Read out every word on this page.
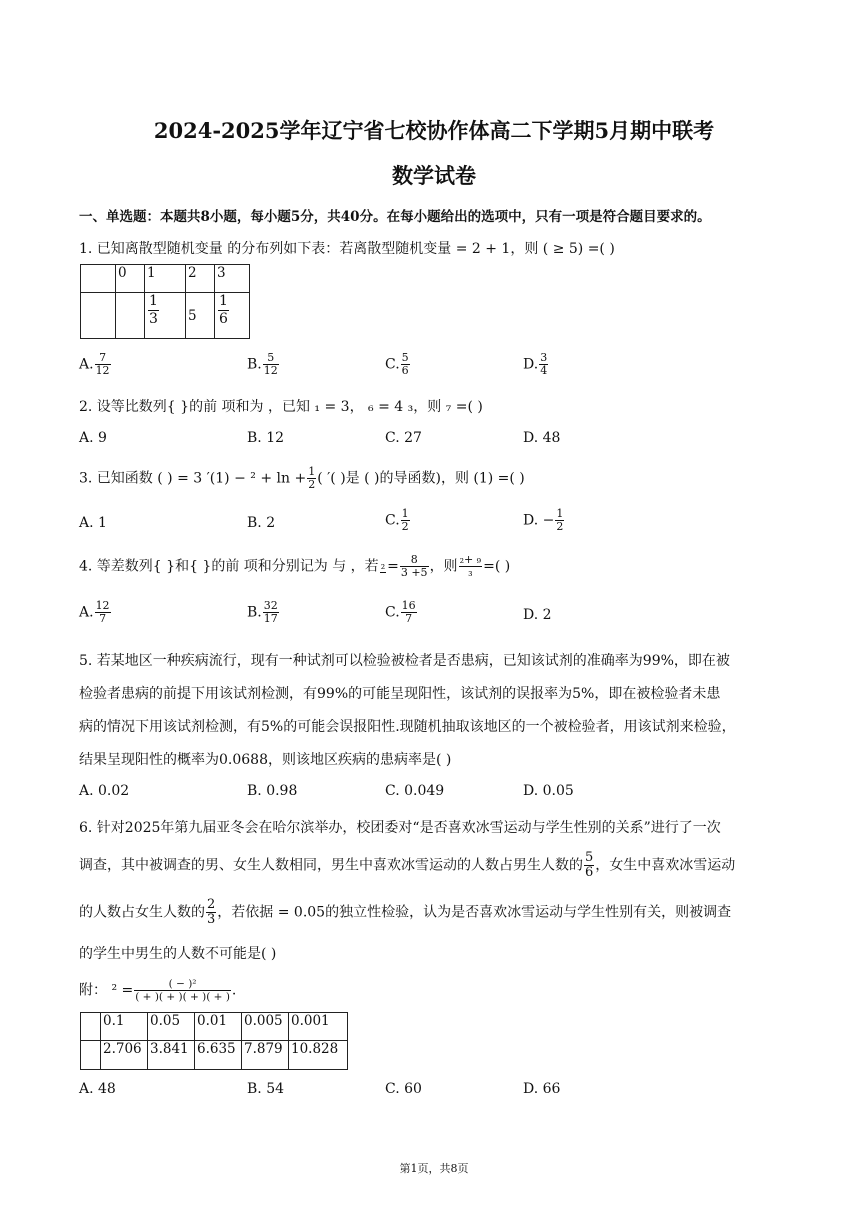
2024-2025学年辽宁省七校协作体高二下学期5月期中联考
数学试卷
一、单选题：本题共8小题，每小题5分，共40分。在每小题给出的选项中，只有一项是符合题目要求的。
1. 已知离散型随机变量 的分布列如下表：若离散型随机变量 = 2 + 1，则 ( ≥ 5) =( )
	0	1	2	3

		$\frac{1}{3}$	5	$\frac{1}{6}$
A. $\frac{7}{12}$	B. $\frac{5}{12}$	C. $\frac{5}{6}$	D. $\frac{3}{4}$
2. 设等比数列{ }的前 项和为 ，已知 ₁ = 3， ₆ = 4 ₃，则 ₇ =( )
A. 9	B. 12	C. 27	D. 48
3. 已知函数 ( ) = 3 $'(1) - ^2 + \ln + \frac{1}{2}$ ( ′( )是 ( )的导函数)，则 (1) =( )
A. 1	B. 2	C. $\frac{1}{2}$	D. − $\frac{1}{2}$
4. 等差数列{ }和{ }的前 项和分别记为 与 ，若 $_2 = \frac{8}{3 +5}$ ，则 $\frac{\text{₂+ ₉}}{\text{₃}}$ =( )
A. $\frac{12}{7}$	B. $\frac{32}{17}$	C. $\frac{16}{7}$	D. 2
5. 若某地区一种疾病流行，现有一种试剂可以检验被检者是否患病，已知该试剂的准确率为99%，即在被
检验者患病的前提下用该试剂检测，有99%的可能呈现阳性，该试剂的误报率为5%，即在被检验者未患
病的情况下用该试剂检测，有5%的可能会误报阳性.现随机抽取该地区的一个被检验者，用该试剂来检验，
结果呈现阳性的概率为0.0688，则该地区疾病的患病率是( )
A. 0.02	B. 0.98	C. 0.049	D. 0.05
6. 针对2025年第九届亚冬会在哈尔滨举办，校团委对“是否喜欢冰雪运动与学生性别的关系”进行了一次
调查，其中被调查的男、女生人数相同，男生中喜欢冰雪运动的人数占男生人数的 $\frac{5}{6}$ ，女生中喜欢冰雪运动
的人数占女生人数的 $\frac{2}{3}$ ，若依据 = 0.05的独立性检验，认为是否喜欢冰雪运动与学生性别有关，则被调查
的学生中男生的人数不可能是( )
附： $^2 = \frac{\text{( − )²}}{( + )( + )( + )( + )}$ .
	0.1	0.05	0.01	0.005	0.001
	2.706	3.841	6.635	7.879	10.828
A. 48	B. 54	C. 60	D. 66
第1页，共8页
